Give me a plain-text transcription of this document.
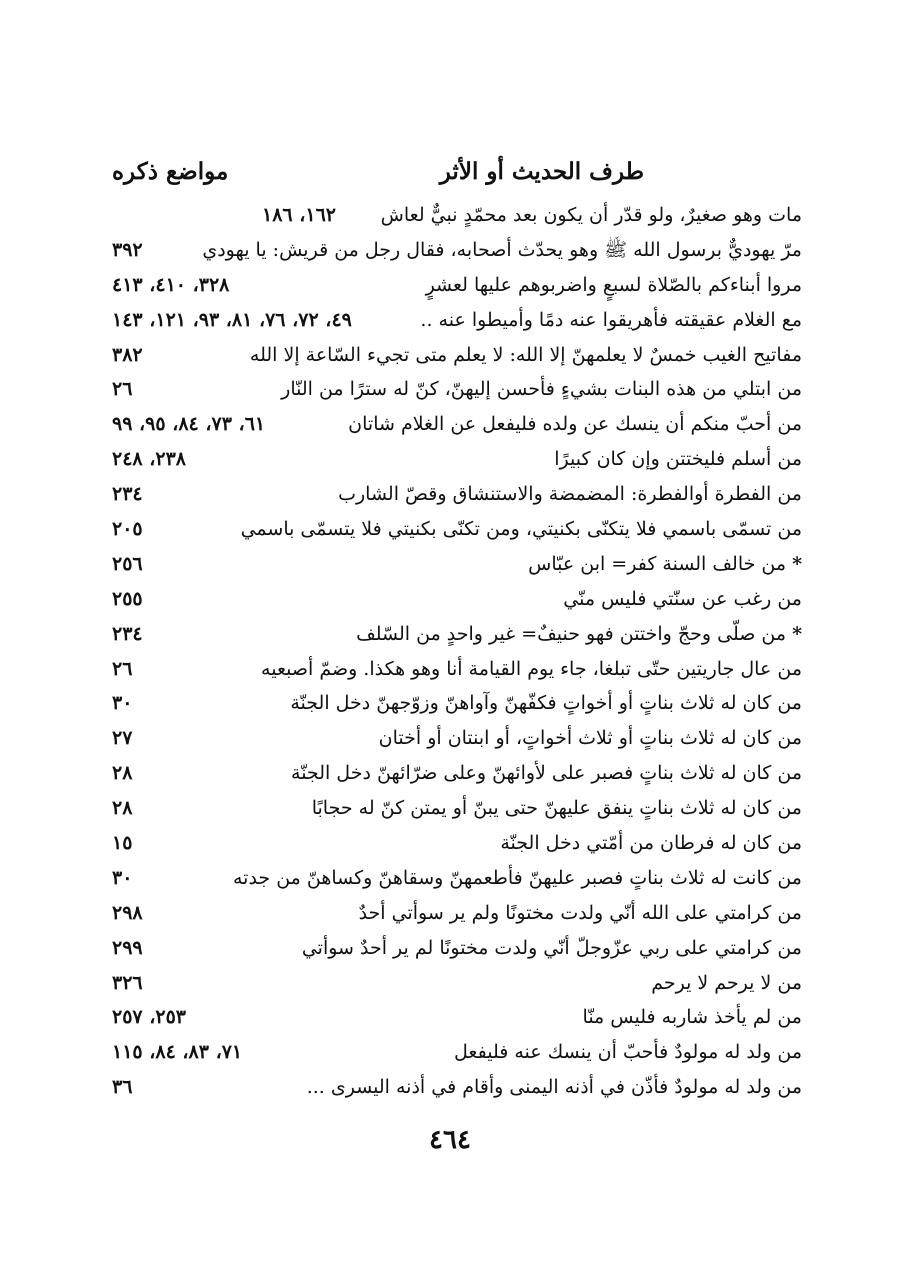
طرف الحديث أو الأثر
مواضع ذكره
مات وهو صغيرٌ، ولو قدّر أن يكون بعد محمّدٍ نبيٌّ لعاش
١٦٢، ١٨٦
مرّ يهوديٌّ برسول الله ﷺ وهو يحدّث أصحابه، فقال رجل من قريش: يا يهودي
٣٩٢
مروا أبناءكم بالصّلاة لسبعٍ واضربوهم عليها لعشرٍ
٣٢٨، ٤١٠، ٤١٣
مع الغلام عقيقته فأهريقوا عنه دمًا وأميطوا عنه ..
٤٩، ٧٢، ٧٦، ٨١، ٩٣، ١٢١، ١٤٣
مفاتيح الغيب خمسٌ لا يعلمهنّ إلا الله: لا يعلم متى تجيء السّاعة إلا الله
٣٨٢
من ابتلي من هذه البنات بشيءٍ فأحسن إليهنّ، كنّ له سترًا من النّار
٢٦
من أحبّ منكم أن ينسك عن ولده فليفعل عن الغلام شاتان
٦١، ٧٣، ٨٤، ٩٥، ٩٩
من أسلم فليختتن وإن كان كبيرًا
٢٣٨، ٢٤٨
من الفطرة أوالفطرة: المضمضة والاستنشاق وقصّ الشارب
٢٣٤
من تسمّى باسمي فلا يتكنّى بكنيتي، ومن تكنّى بكنيتي فلا يتسمّى باسمي
٢٠٥
*من خالف السنة كفر= ابن عبّاس
٢٥٦
من رغب عن سنّتي فليس منّي
٢٥٥
*من صلّى وحجّ واختتن فهو حنيفٌ= غير واحدٍ من السّلف
٢٣٤
من عال جاريتين حتّى تبلغا، جاء يوم القيامة أنا وهو هكذا. وضمّ أصبعيه
٢٦
من كان له ثلاث بناتٍ أو أخواتٍ فكفّهنّ وآواهنّ وزوّجهنّ دخل الجنّة
٣٠
من كان له ثلاث بناتٍ أو ثلاث أخواتٍ، أو ابنتان أو أختان
٢٧
من كان له ثلاث بناتٍ فصبر على لأوائهنّ وعلى ضرّائهنّ دخل الجنّة
٢٨
من كان له ثلاث بناتٍ ينفق عليهنّ حتى يبنّ أو يمتن كنّ له حجابًا
٢٨
من كان له فرطان من أمّتي دخل الجنّة
١٥
من كانت له ثلاث بناتٍ فصبر عليهنّ فأطعمهنّ وسقاهنّ وكساهنّ من جدته
٣٠
من كرامتي على الله أنّي ولدت مختونًا ولم ير سوأتي أحدٌ
٢٩٨
من كرامتي على ربي عزّوجلّ أنّي ولدت مختونًا لم ير أحدٌ سوأتي
٢٩٩
من لا يرحم لا يرحم
٣٢٦
من لم يأخذ شاربه فليس منّا
٢٥٣، ٢٥٧
من ولد له مولودٌ فأحبّ أن ينسك عنه فليفعل
٧١، ٨٣، ٨٤، ١١٥
من ولد له مولودٌ فأذّن في أذنه اليمنى وأقام في أذنه اليسرى ...
٣٦
٤٦٤
